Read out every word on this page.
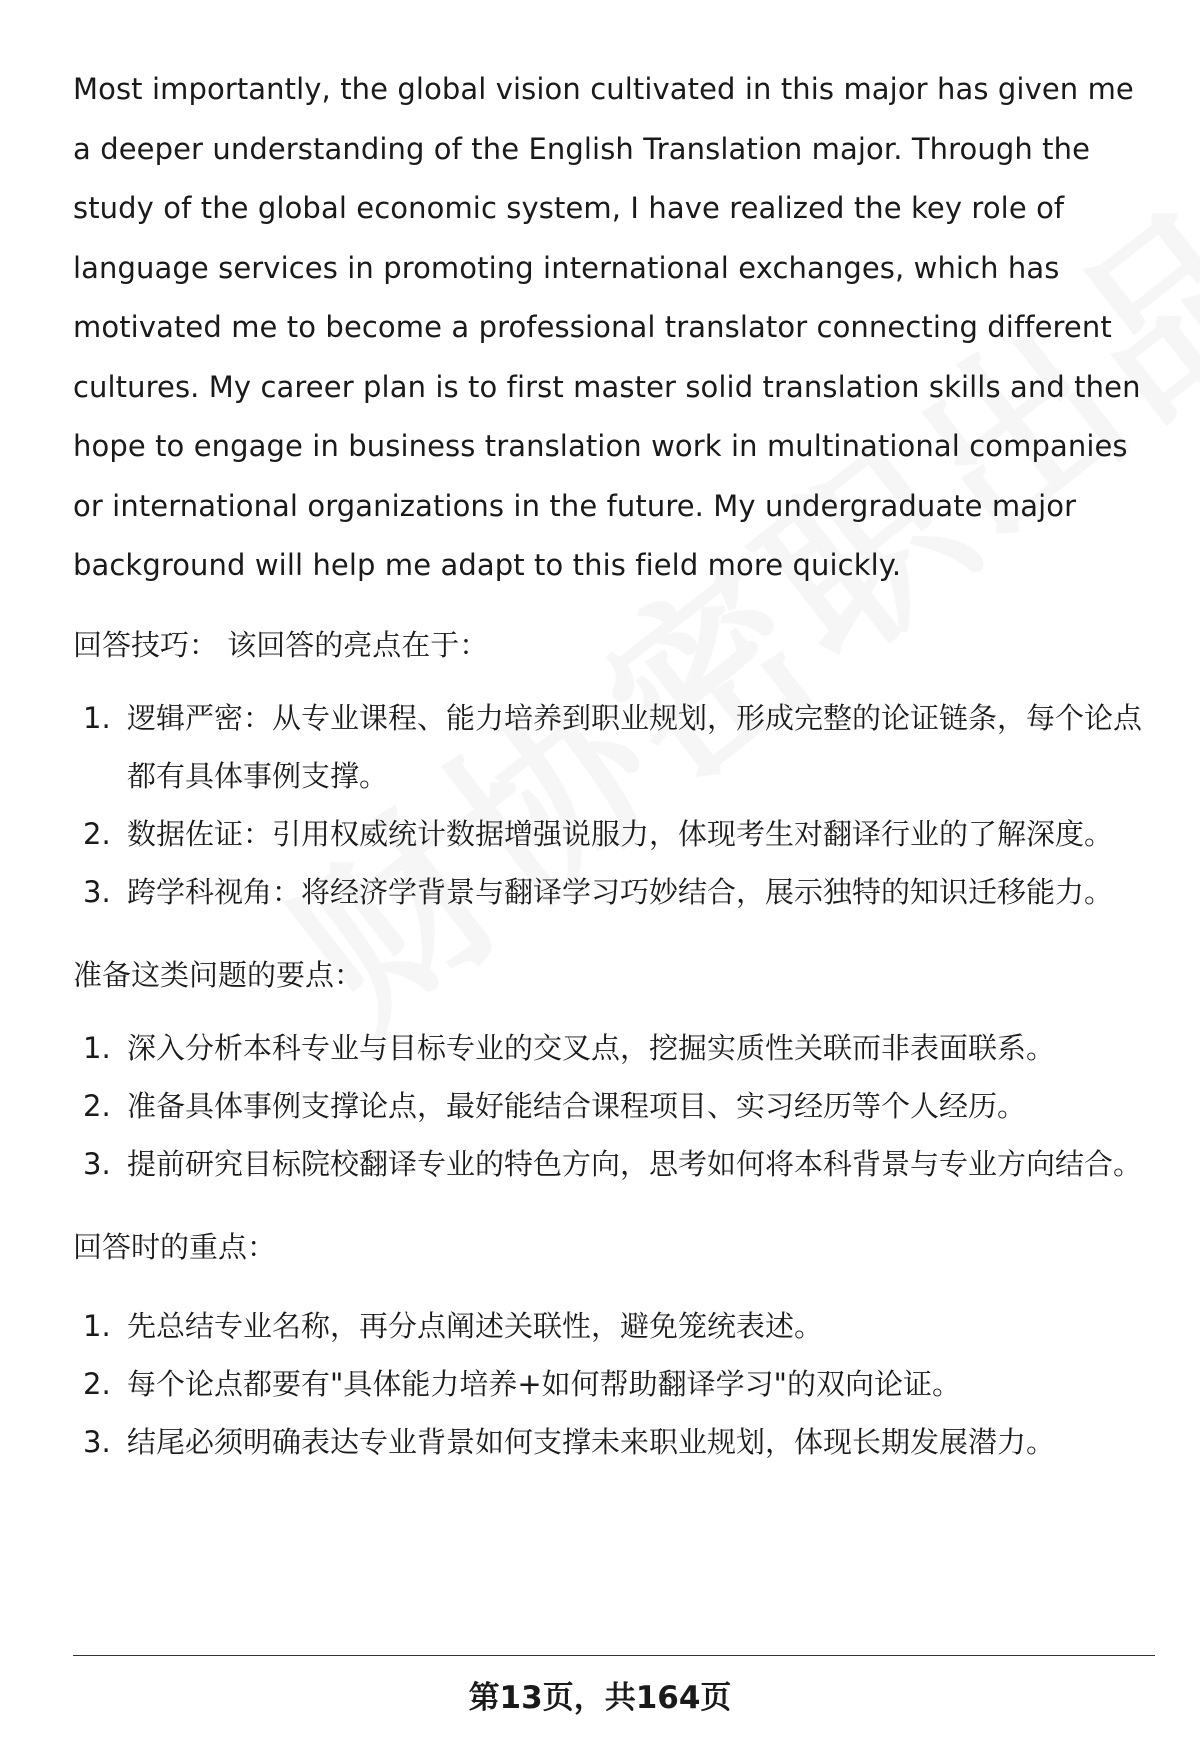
Most importantly, the global vision cultivated in this major has given me a deeper understanding of the English Translation major. Through the study of the global economic system, I have realized the key role of language services in promoting international exchanges, which has motivated me to become a professional translator connecting different cultures. My career plan is to first master solid translation skills and then hope to engage in business translation work in multinational companies or international organizations in the future. My undergraduate major background will help me adapt to this field more quickly.

回答技巧： 该回答的亮点在于：

1. 逻辑严密：从专业课程、能力培养到职业规划，形成完整的论证链条，每个论点都有具体事例支撑。
2. 数据佐证：引用权威统计数据增强说服力，体现考生对翻译行业的了解深度。
3. 跨学科视角：将经济学背景与翻译学习巧妙结合，展示独特的知识迁移能力。

准备这类问题的要点：

1. 深入分析本科专业与目标专业的交叉点，挖掘实质性关联而非表面联系。
2. 准备具体事例支撑论点，最好能结合课程项目、实习经历等个人经历。
3. 提前研究目标院校翻译专业的特色方向，思考如何将本科背景与专业方向结合。

回答时的重点：

1. 先总结专业名称，再分点阐述关联性，避免笼统表述。
2. 每个论点都要有"具体能力培养+如何帮助翻译学习"的双向论证。
3. 结尾必须明确表达专业背景如何支撑未来职业规划，体现长期发展潜力。
第13页，共164页
